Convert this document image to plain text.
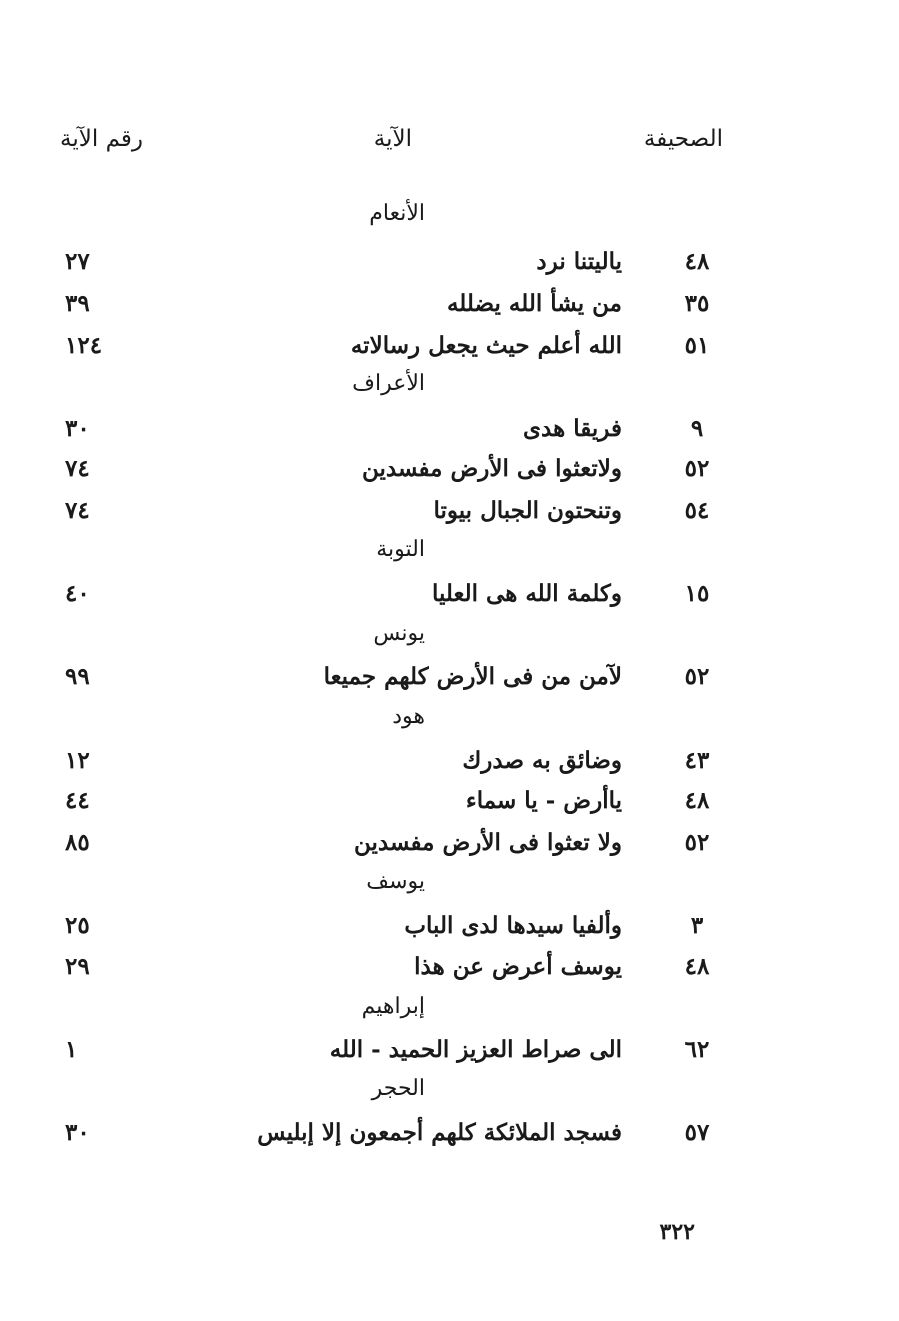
الصحيفة
الآية
رقم الآية
الأنعام
٤٨
ياليتنا نرد
٢٧
٣٥
من يشأ الله يضلله
٣٩
٥١
الله أعلم حيث يجعل رسالاته
١٢٤
الأعراف
٩
فريقا هدى
٣٠
٥٢
ولاتعثوا فى الأرض مفسدين
٧٤
٥٤
وتنحتون الجبال بيوتا
٧٤
التوبة
١٥
وكلمة الله هى العليا
٤٠
يونس
٥٢
لآمن من فى الأرض كلهم جميعا
٩٩
هود
٤٣
وضائق به صدرك
١٢
٤٨
ياأرض - يا سماء
٤٤
٥٢
ولا تعثوا فى الأرض مفسدين
٨٥
يوسف
٣
وألفيا سيدها لدى الباب
٢٥
٤٨
يوسف أعرض عن هذا
٢٩
إبراهيم
٦٢
الى صراط العزيز الحميد - الله
١
الحجر
٥٧
فسجد الملائكة كلهم أجمعون إلا إبليس
٣٠
٣٢٢
